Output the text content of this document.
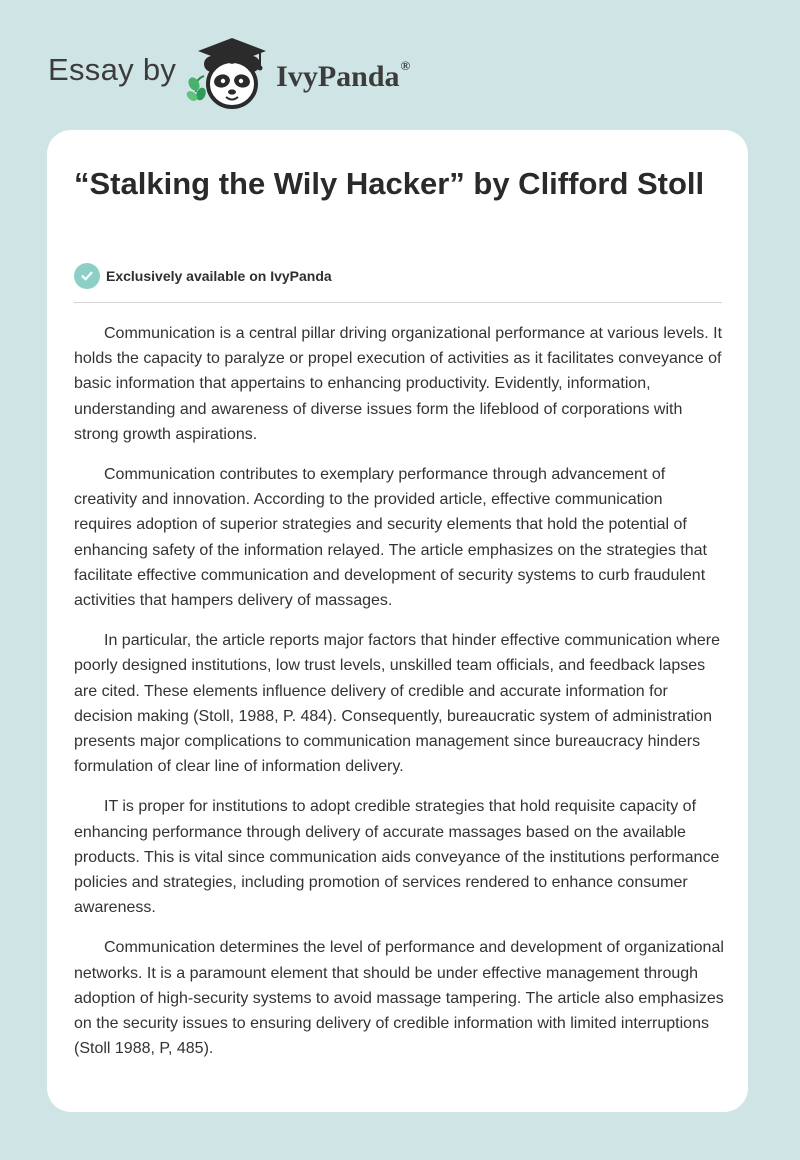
Essay by	IvyPanda®
“Stalking the Wily Hacker” by Clifford Stoll
Exclusively available on IvyPanda

Communication is a central pillar driving organizational performance at various levels. It holds the capacity to paralyze or propel execution of activities as it facilitates conveyance of basic information that appertains to enhancing productivity. Evidently, information, understanding and awareness of diverse issues form the lifeblood of corporations with strong growth aspirations.

Communication contributes to exemplary performance through advancement of creativity and innovation. According to the provided article, effective communication requires adoption of superior strategies and security elements that hold the potential of enhancing safety of the information relayed. The article emphasizes on the strategies that facilitate effective communication and development of security systems to curb fraudulent activities that hampers delivery of massages.

In particular, the article reports major factors that hinder effective communication where poorly designed institutions, low trust levels, unskilled team officials, and feedback lapses are cited. These elements influence delivery of credible and accurate information for decision making (Stoll, 1988, P. 484). Consequently, bureaucratic system of administration presents major complications to communication management since bureaucracy hinders formulation of clear line of information delivery.

IT is proper for institutions to adopt credible strategies that hold requisite capacity of enhancing performance through delivery of accurate massages based on the available products. This is vital since communication aids conveyance of the institutions performance policies and strategies, including promotion of services rendered to enhance consumer awareness.

Communication determines the level of performance and development of organizational networks. It is a paramount element that should be under effective management through adoption of high-security systems to avoid massage tampering. The article also emphasizes on the security issues to ensuring delivery of credible information with limited interruptions (Stoll 1988, P, 485).
